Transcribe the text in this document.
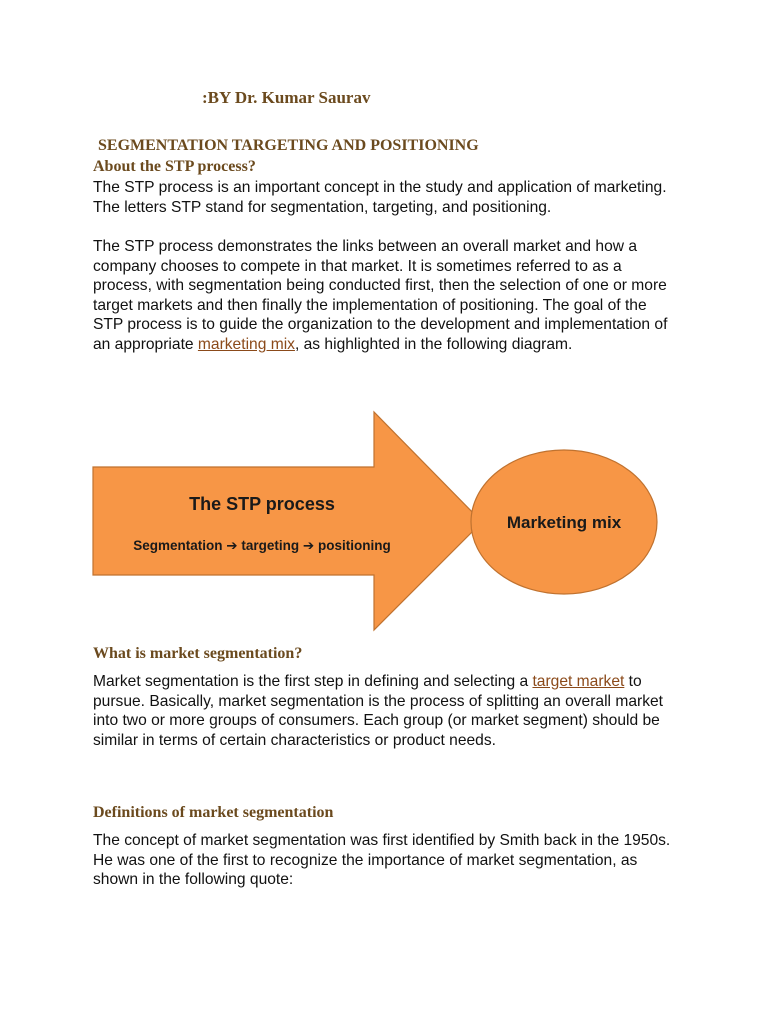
:BY Dr. Kumar Saurav

SEGMENTATION TARGETING AND POSITIONING

About the STP process?

The STP process is an important concept in the study and application of marketing. The letters STP stand for segmentation, targeting, and positioning.

The STP process demonstrates the links between an overall market and how a company chooses to compete in that market. It is sometimes referred to as a process, with segmentation being conducted first, then the selection of one or more target markets and then finally the implementation of positioning. The goal of the STP process is to guide the organization to the development and implementation of an appropriate marketing mix, as highlighted in the following diagram.

The STP process
Segmentation ➔ targeting ➔ positioning
Marketing mix

What is market segmentation?

Market segmentation is the first step in defining and selecting a target market to pursue. Basically, market segmentation is the process of splitting an overall market into two or more groups of consumers. Each group (or market segment) should be similar in terms of certain characteristics or product needs.

Definitions of market segmentation

The concept of market segmentation was first identified by Smith back in the 1950s. He was one of the first to recognize the importance of market segmentation, as shown in the following quote:
